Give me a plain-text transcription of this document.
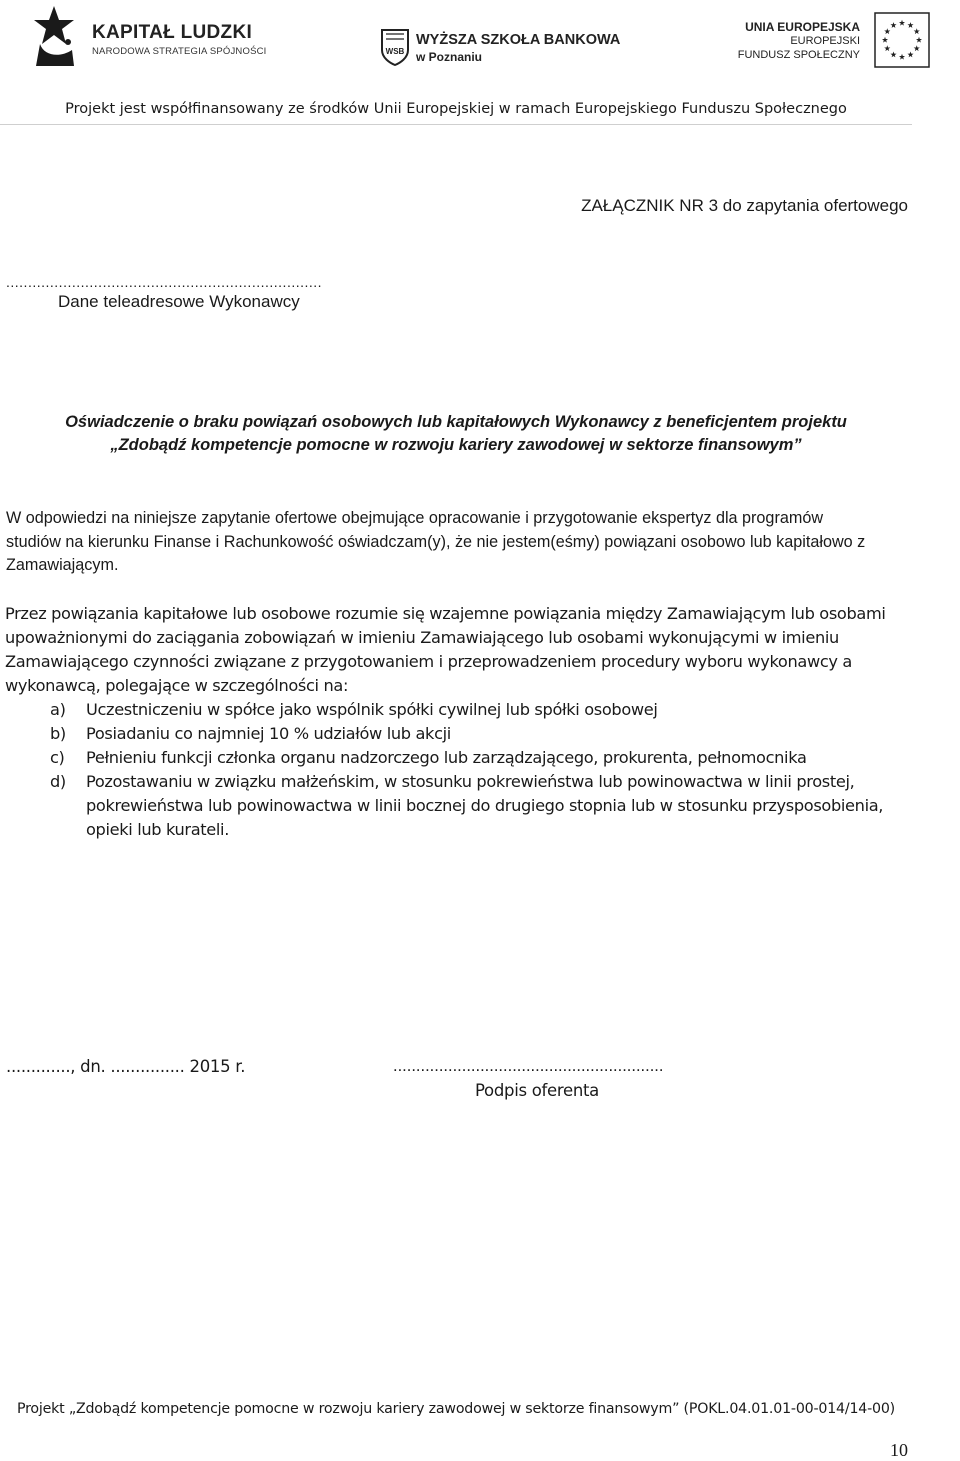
KAPITAŁ LUDZKI
NARODOWA STRATEGIA SPÓJNOŚCI	WSB
WYŻSZA SZKOŁA BANKOWA
w Poznaniu
UNIA EUROPEJSKA
EUROPEJSKI
FUNDUSZ SPOŁECZNY
Projekt jest współfinansowany ze środków Unii Europejskiej w ramach Europejskiego Funduszu Społecznego
ZAŁĄCZNIK NR 3 do zapytania ofertowego
........................................................................
Dane teleadresowe Wykonawcy
Oświadczenie o braku powiązań osobowych lub kapitałowych Wykonawcy z beneficjentem projektu
„Zdobądź kompetencje pomocne w rozwoju kariery zawodowej w sektorze finansowym”
W odpowiedzi na niniejsze zapytanie ofertowe obejmujące opracowanie i przygotowanie ekspertyz dla programów studiów na kierunku Finanse i Rachunkowość oświadczam(y), że nie jestem(eśmy) powiązani osobowo lub kapitałowo z Zamawiającym.
Przez powiązania kapitałowe lub osobowe rozumie się wzajemne powiązania między Zamawiającym lub osobami upoważnionymi do zaciągania zobowiązań w imieniu Zamawiającego lub osobami wykonującymi w imieniu Zamawiającego czynności związane z przygotowaniem i przeprowadzeniem procedury wyboru wykonawcy a wykonawcą, polegające w szczególności na:
a) Uczestniczeniu w spółce jako wspólnik spółki cywilnej lub spółki osobowej
b) Posiadaniu co najmniej 10 % udziałów lub akcji
c) Pełnieniu funkcji członka organu nadzorczego lub zarządzającego, prokurenta, pełnomocnika
d) Pozostawaniu w związku małżeńskim, w stosunku pokrewieństwa lub powinowactwa w linii prostej, pokrewieństwa lub powinowactwa w linii bocznej do drugiego stopnia lub w stosunku przysposobienia, opieki lub kurateli.
............., dn. ............... 2015 r.	...........................................................
Podpis oferenta
Projekt „Zdobądź kompetencje pomocne w rozwoju kariery zawodowej w sektorze finansowym” (POKL.04.01.01-00-014/14-00)
10
